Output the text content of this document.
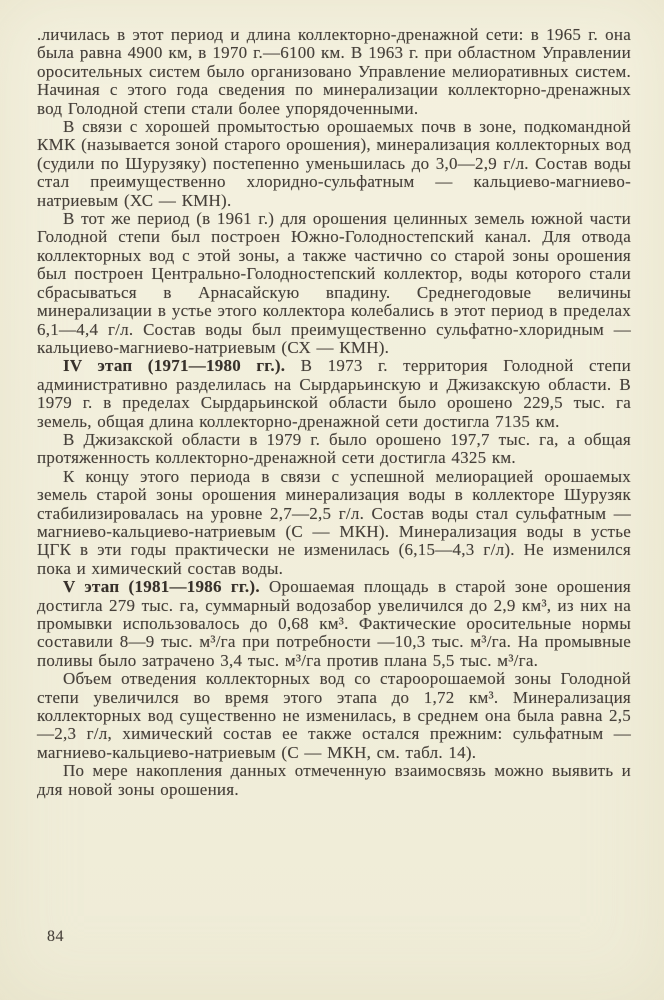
.личилась в этот период и длина коллекторно-дренажной сети: в 1965 г. она была равна 4900 км, в 1970 г.—6100 км. В 1963 г. при областном Управлении оросительных систем было организовано Управление мелиоративных систем. Начиная с этого года сведения по минерализации коллекторно-дренажных вод Голодной степи стали более упорядоченными.

В связи с хорошей промытостью орошаемых почв в зоне, подкомандной КМК (называется зоной старого орошения), минерализация коллекторных вод (судили по Шурузяку) постепенно уменьшилась до 3,0—2,9 г/л. Состав воды стал преимущественно хлоридно-сульфатным — кальциево-магниево-натриевым (ХС — КМН).

В тот же период (в 1961 г.) для орошения целинных земель южной части Голодной степи был построен Южно-Голодностепский канал. Для отвода коллекторных вод с этой зоны, а также частично со старой зоны орошения был построен Центрально-Голодностепский коллектор, воды которого стали сбрасываться в Арнасайскую впадину. Среднегодовые величины минерализации в устье этого коллектора колебались в этот период в пределах 6,1—4,4 г/л. Состав воды был преимущественно сульфатно-хлоридным — кальциево-магниево-натриевым (СХ — КМН).

IV этап (1971—1980 гг.). В 1973 г. территория Голодной степи административно разделилась на Сырдарьинскую и Джизакскую области. В 1979 г. в пределах Сырдарьинской области было орошено 229,5 тыс. га земель, общая длина коллекторно-дренажной сети достигла 7135 км.

В Джизакской области в 1979 г. было орошено 197,7 тыс. га, а общая протяженность коллекторно-дренажной сети достигла 4325 км.

К концу этого периода в связи с успешной мелиорацией орошаемых земель старой зоны орошения минерализация воды в коллекторе Шурузяк стабилизировалась на уровне 2,7—2,5 г/л. Состав воды стал сульфатным — магниево-кальциево-натриевым (С — МКН). Минерализация воды в устье ЦГК в эти годы практически не изменилась (6,15—4,3 г/л). Не изменился пока и химический состав воды.

V этап (1981—1986 гг.). Орошаемая площадь в старой зоне орошения достигла 279 тыс. га, суммарный водозабор увеличился до 2,9 км³, из них на промывки использовалось до 0,68 км³. Фактические оросительные нормы составили 8—9 тыс. м³/га при потребности —10,3 тыс. м³/га. На промывные поливы было затрачено 3,4 тыс. м³/га против плана 5,5 тыс. м³/га.

Объем отведения коллекторных вод со староорошаемой зоны Голодной степи увеличился во время этого этапа до 1,72 км³. Минерализация коллекторных вод существенно не изменилась, в среднем она была равна 2,5—2,3 г/л, химический состав ее также остался прежним: сульфатным — магниево-кальциево-натриевым (С — МКН, см. табл. 14).

По мере накопления данных отмеченную взаимосвязь можно выявить и для новой зоны орошения.

84
